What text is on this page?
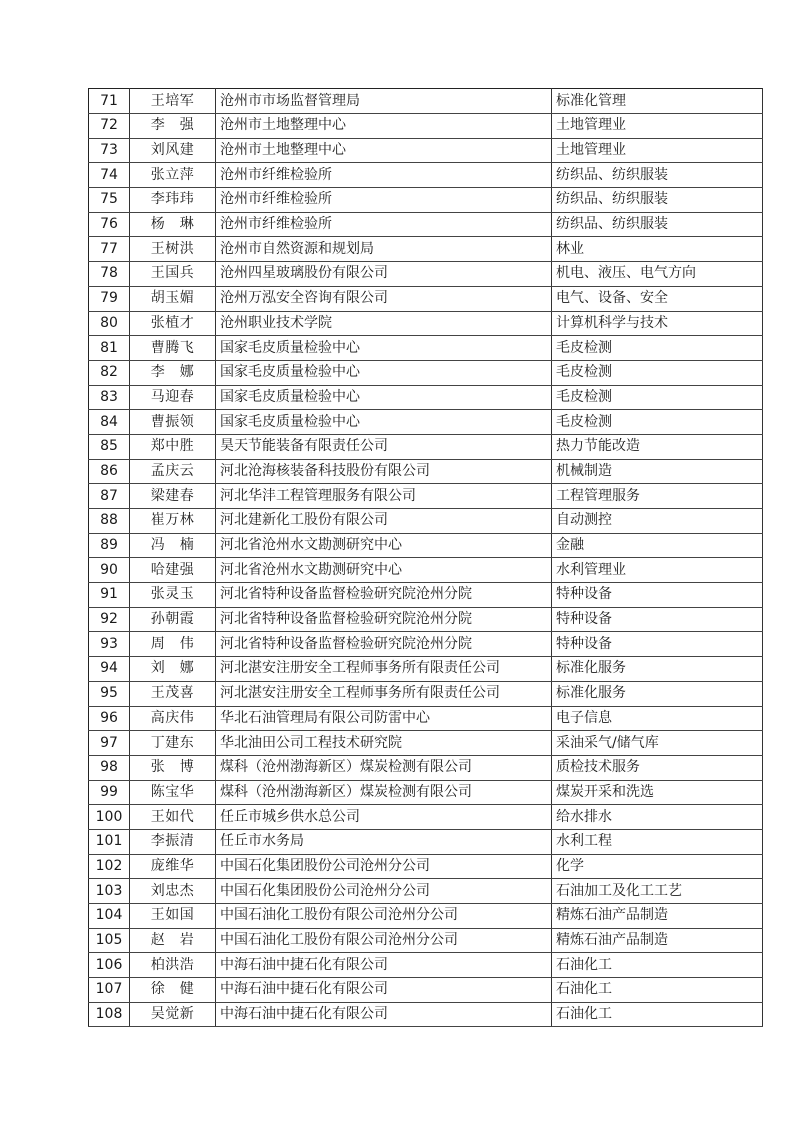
71	王培军	沧州市市场监督管理局	标准化管理
72	李　强	沧州市土地整理中心	土地管理业
73	刘风建	沧州市土地整理中心	土地管理业
74	张立萍	沧州市纤维检验所	纺织品、纺织服装
75	李玮玮	沧州市纤维检验所	纺织品、纺织服装
76	杨　琳	沧州市纤维检验所	纺织品、纺织服装
77	王树洪	沧州市自然资源和规划局	林业
78	王国兵	沧州四星玻璃股份有限公司	机电、液压、电气方向
79	胡玉媚	沧州万泓安全咨询有限公司	电气、设备、安全
80	张植才	沧州职业技术学院	计算机科学与技术
81	曹腾飞	国家毛皮质量检验中心	毛皮检测
82	李　娜	国家毛皮质量检验中心	毛皮检测
83	马迎春	国家毛皮质量检验中心	毛皮检测
84	曹振领	国家毛皮质量检验中心	毛皮检测
85	郑中胜	昊天节能装备有限责任公司	热力节能改造
86	孟庆云	河北沧海核装备科技股份有限公司	机械制造
87	梁建春	河北华沣工程管理服务有限公司	工程管理服务
88	崔万林	河北建新化工股份有限公司	自动测控
89	冯　楠	河北省沧州水文勘测研究中心	金融
90	哈建强	河北省沧州水文勘测研究中心	水利管理业
91	张灵玉	河北省特种设备监督检验研究院沧州分院	特种设备
92	孙朝霞	河北省特种设备监督检验研究院沧州分院	特种设备
93	周　伟	河北省特种设备监督检验研究院沧州分院	特种设备
94	刘　娜	河北湛安注册安全工程师事务所有限责任公司	标准化服务
95	王茂喜	河北湛安注册安全工程师事务所有限责任公司	标准化服务
96	高庆伟	华北石油管理局有限公司防雷中心	电子信息
97	丁建东	华北油田公司工程技术研究院	采油采气/储气库
98	张　博	煤科（沧州渤海新区）煤炭检测有限公司	质检技术服务
99	陈宝华	煤科（沧州渤海新区）煤炭检测有限公司	煤炭开采和洗选
100	王如代	任丘市城乡供水总公司	给水排水
101	李振清	任丘市水务局	水利工程
102	庞维华	中国石化集团股份公司沧州分公司	化学
103	刘忠杰	中国石化集团股份公司沧州分公司	石油加工及化工工艺
104	王如国	中国石油化工股份有限公司沧州分公司	精炼石油产品制造
105	赵　岩	中国石油化工股份有限公司沧州分公司	精炼石油产品制造
106	柏洪浩	中海石油中捷石化有限公司	石油化工
107	徐　健	中海石油中捷石化有限公司	石油化工
108	吴觉新	中海石油中捷石化有限公司	石油化工
